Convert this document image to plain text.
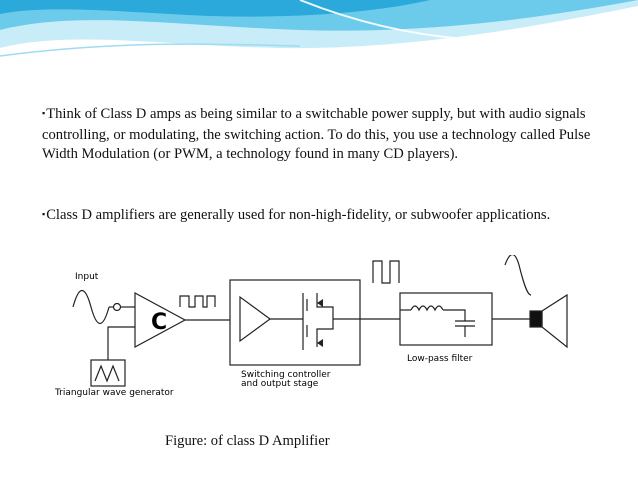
▪Think of Class D amps as being similar to a switchable power supply, but with audio signals controlling, or modulating, the switching action. To do this, you use a technology called Pulse Width Modulation (or PWM, a technology found in many CD players).
▪Class D amplifiers are generally used for non-high-fidelity, or subwoofer applications.
Input
C
Triangular wave generator
Switching controller
and output stage
Low-pass filter
Figure: of class D Amplifier
